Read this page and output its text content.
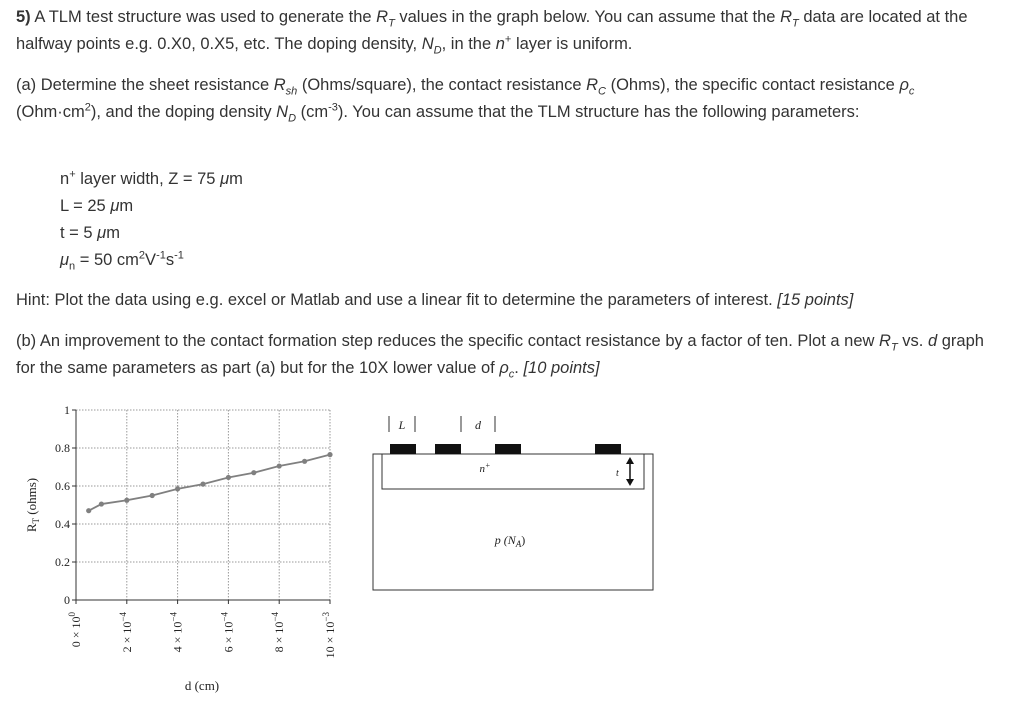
5) A TLM test structure was used to generate the $R_T$ values in the graph below. You can assume that the $R_T$ data are located at the halfway points e.g. 0.X0, 0.X5, etc. The doping density, $N_D$, in the n+ layer is uniform.

(a) Determine the sheet resistance $R_{sh}$ (Ohms/square), the contact resistance $R_C$ (Ohms), the specific contact resistance $\rho_c$ $(Ohm\cdot cm^2)$, and the doping density $N_D$ $(cm^{-3})$. You can assume that the TLM structure has the following parameters:

n+ layer width, Z = 75 μm
L = 25 μm
t = 5 μm
$\mu_n = 50$ $cm^2V^{-1}s^{-1}$

Hint: Plot the data using e.g. excel or Matlab and use a linear fit to determine the parameters of interest. [15 points]

(b) An improvement to the contact formation step reduces the specific contact resistance by a factor of ten. Plot a new $R_T$ vs. d graph for the same parameters as part (a) but for the 10X lower value of $\rho_c$. [10 points]

0
0.2
0.4
0.6
0.8
1
$0 \times 10^0$
$2 \times 10^{-4}$
$4 \times 10^{-4}$
$6 \times 10^{-4}$
$8 \times 10^{-4}$
$10 \times 10^{-3}$
$R_T$ (ohms)
d (cm)
L	d
n+
t
p $(N_A)$
